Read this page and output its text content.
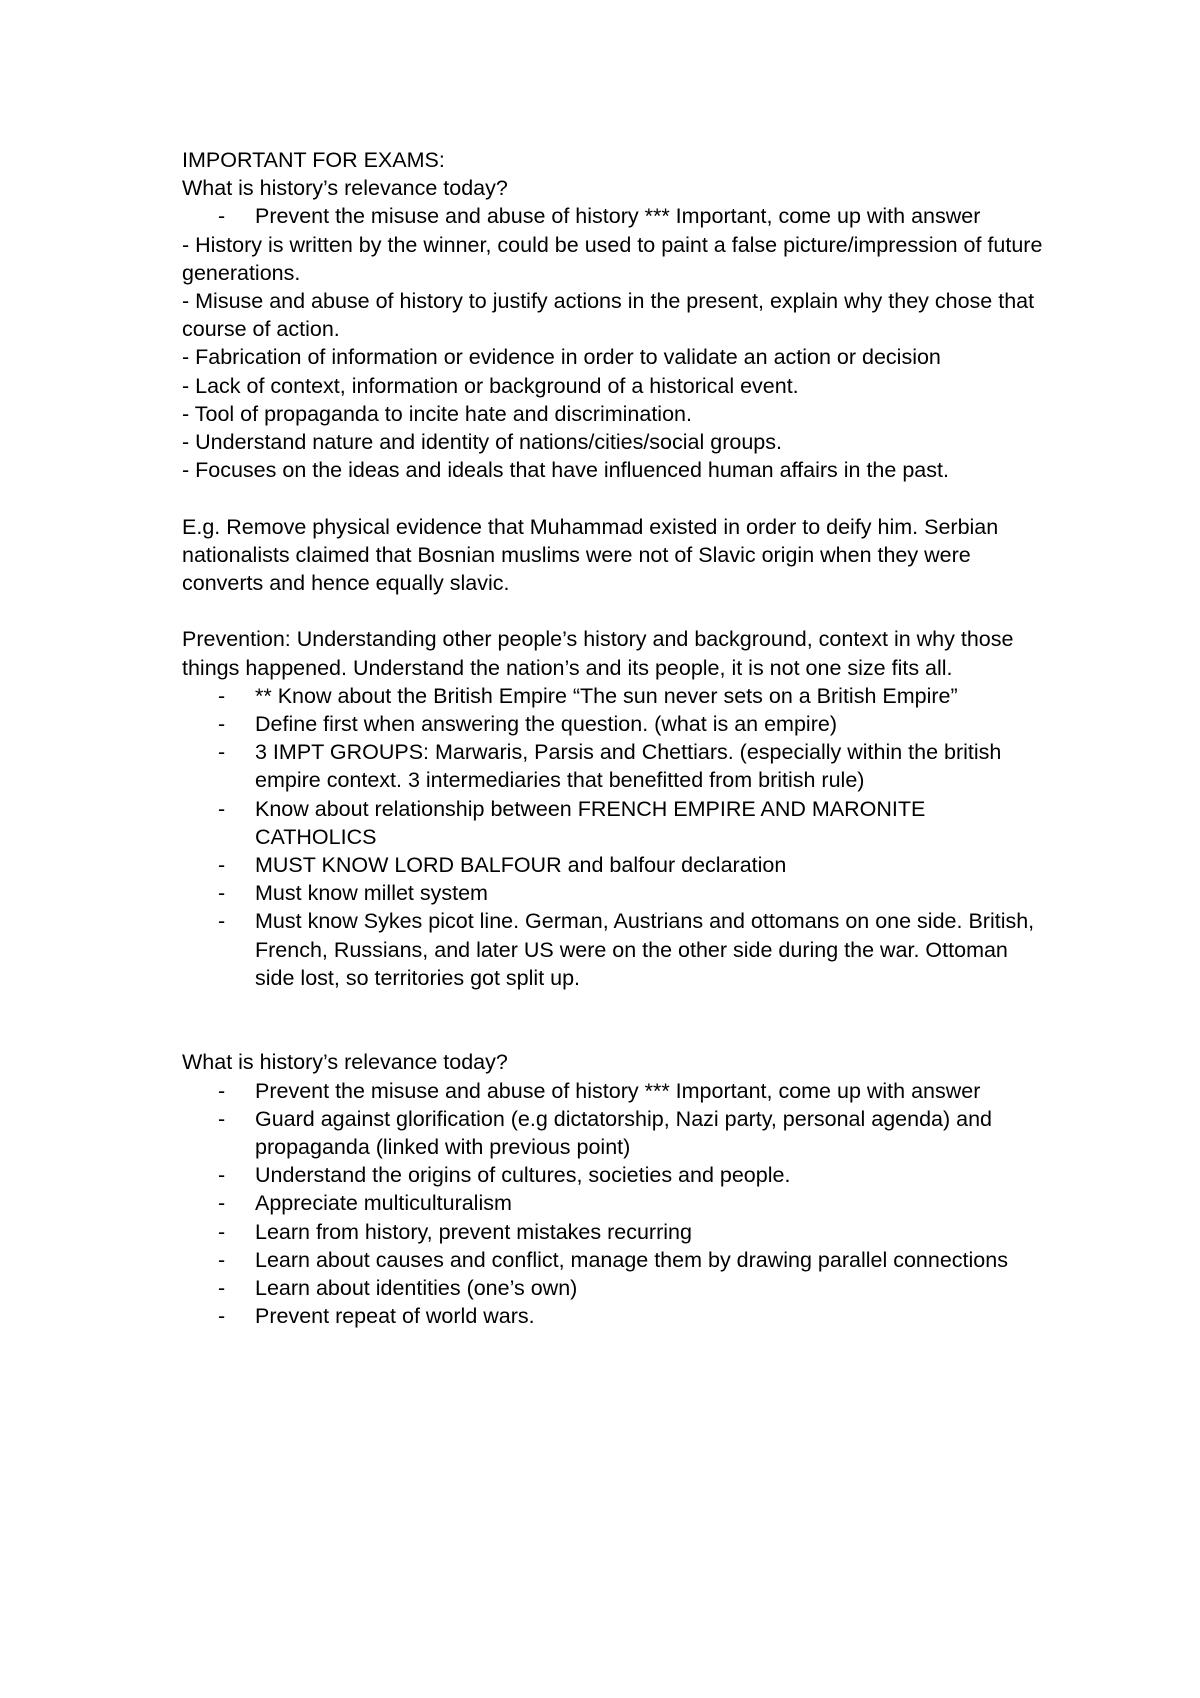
IMPORTANT FOR EXAMS:

What is history’s relevance today?

- Prevent the misuse and abuse of history *** Important, come up with answer

- History is written by the winner, could be used to paint a false picture/impression of future generations.

- Misuse and abuse of history to justify actions in the present, explain why they chose that course of action.

- Fabrication of information or evidence in order to validate an action or decision

- Lack of context, information or background of a historical event.

- Tool of propaganda to incite hate and discrimination.

- Understand nature and identity of nations/cities/social groups.

- Focuses on the ideas and ideals that have influenced human affairs in the past.

E.g. Remove physical evidence that Muhammad existed in order to deify him. Serbian nationalists claimed that Bosnian muslims were not of Slavic origin when they were converts and hence equally slavic.

Prevention: Understanding other people’s history and background, context in why those things happened. Understand the nation’s and its people, it is not one size fits all.

- ** Know about the British Empire “The sun never sets on a British Empire”
- Define first when answering the question. (what is an empire)
- 3 IMPT GROUPS: Marwaris, Parsis and Chettiars. (especially within the british empire context. 3 intermediaries that benefitted from british rule)
- Know about relationship between FRENCH EMPIRE AND MARONITE CATHOLICS
- MUST KNOW LORD BALFOUR and balfour declaration
- Must know millet system
- Must know Sykes picot line. German, Austrians and ottomans on one side. British, French, Russians, and later US were on the other side during the war. Ottoman side lost, so territories got split up.

What is history’s relevance today?

- Prevent the misuse and abuse of history *** Important, come up with answer
- Guard against glorification (e.g dictatorship, Nazi party, personal agenda) and propaganda (linked with previous point)
- Understand the origins of cultures, societies and people.
- Appreciate multiculturalism
- Learn from history, prevent mistakes recurring
- Learn about causes and conflict, manage them by drawing parallel connections
- Learn about identities (one’s own)
- Prevent repeat of world wars.
